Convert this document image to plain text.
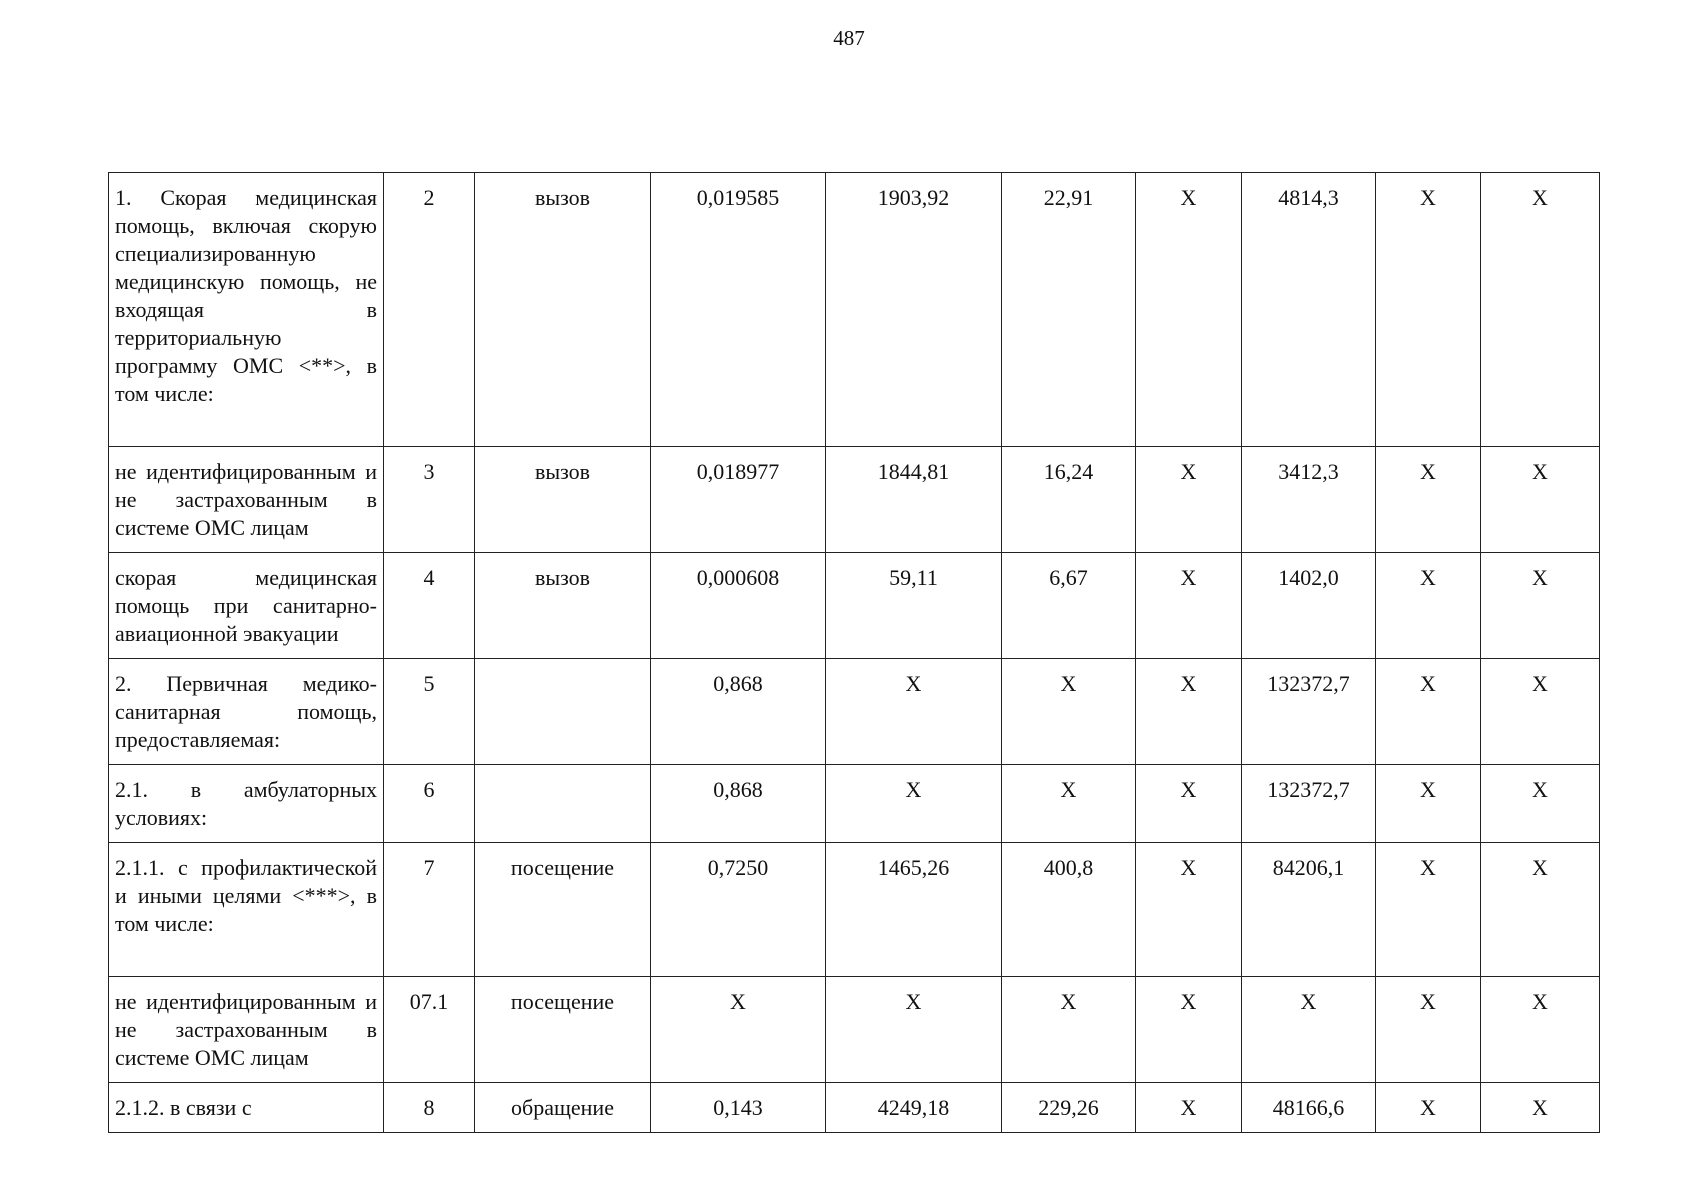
487
1. Скорая медицинская помощь, включая скорую специализированную медицинскую помощь, не входящая в территориальную программу ОМС <**>, в том числе:	2	вызов	0,019585	1903,92	22,91	Х	4814,3	Х	Х
не идентифицированным и не застрахованным в системе ОМС лицам	3	вызов	0,018977	1844,81	16,24	Х	3412,3	Х	Х
скорая медицинская помощь при санитарно-авиационной эвакуации	4	вызов	0,000608	59,11	6,67	Х	1402,0	Х	Х
2. Первичная медико-санитарная помощь, предоставляемая:	5		0,868	Х	Х	Х	132372,7	Х	Х
2.1. в амбулаторных условиях:	6		0,868	Х	Х	Х	132372,7	Х	Х
2.1.1. с профилактической и иными целями <***>, в том числе:	7	посещение	0,7250	1465,26	400,8	Х	84206,1	Х	Х
не идентифицированным и не застрахованным в системе ОМС лицам	07.1	посещение	Х	Х	Х	Х	Х	Х	Х
2.1.2. в связи с	8	обращение	0,143	4249,18	229,26	Х	48166,6	Х	Х
